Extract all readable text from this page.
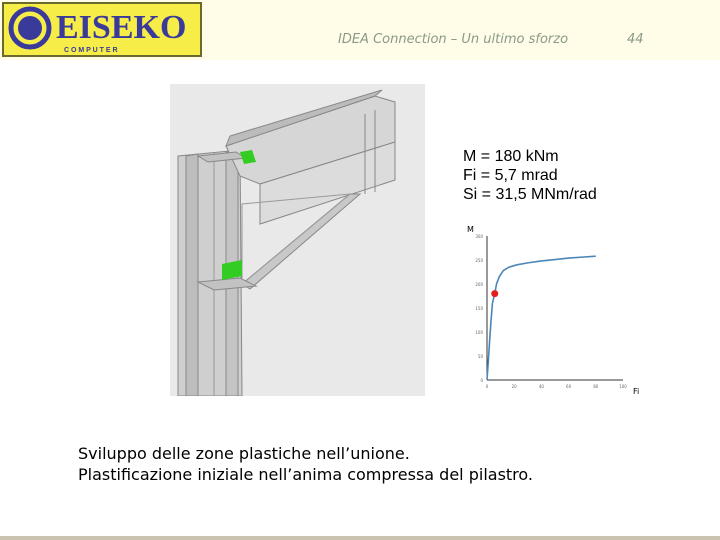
EISEKO
C O M P U T E R
IDEA Connection – Un ultimo sforzo	44
M = 180 kNm
Fi = 5,7 mrad
Si = 31,5 MNm/rad
0
50
100
150
200
250
300
0	20	40	60	80	100
M
Fi
Sviluppo delle zone plastiche nell’unione.
Plastificazione iniziale nell’anima compressa del pilastro.
